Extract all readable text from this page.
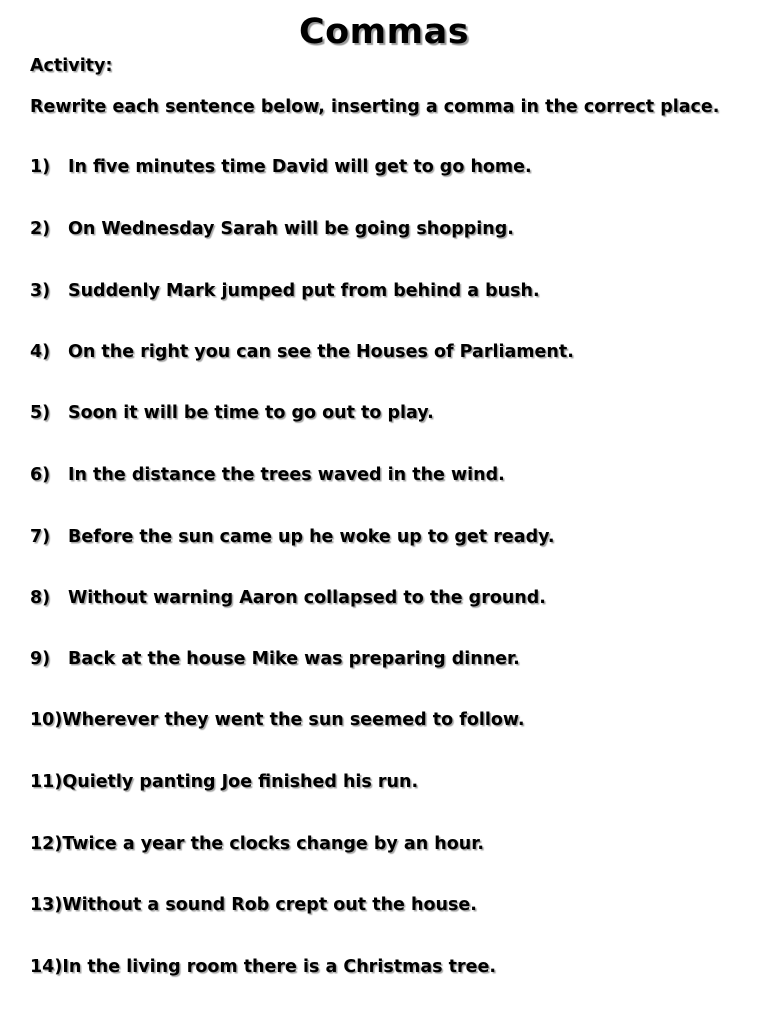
Commas
Activity:
Rewrite each sentence below, inserting a comma in the correct place.
1)	In five minutes time David will get to go home.
2)	On Wednesday Sarah will be going shopping.
3)	Suddenly Mark jumped put from behind a bush.
4)	On the right you can see the Houses of Parliament.
5)	Soon it will be time to go out to play.
6)	In the distance the trees waved in the wind.
7)	Before the sun came up he woke up to get ready.
8)	Without warning Aaron collapsed to the ground.
9)	Back at the house Mike was preparing dinner.
10) Wherever they went the sun seemed to follow.
11) Quietly panting Joe finished his run.
12) Twice a year the clocks change by an hour.
13) Without a sound Rob crept out the house.
14) In the living room there is a Christmas tree.
